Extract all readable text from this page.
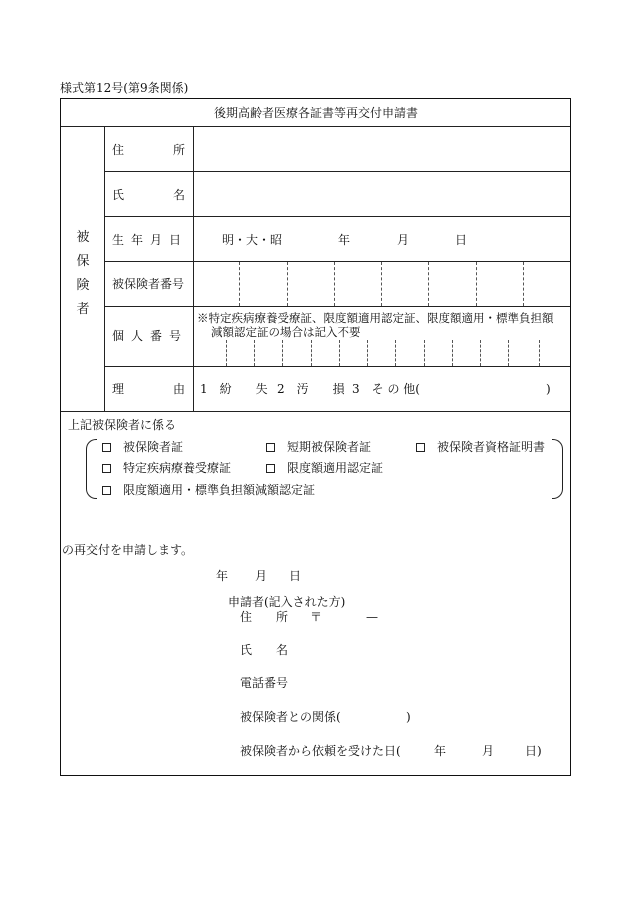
様式第12号(第9条関係)
後期高齢者医療各証書等再交付申請書
被
保
険
者
住　所
氏　名
生年月日	明・大・昭	年	月	日
被保険者番号
個人番号
※特定疾病療養受療証、限度額適用認定証、限度額適用・標準負担額
減額認定証の場合は記入不要
理　由 1　紛　　失 2　汚　　損 3　そ の 他(	)
上記被保険者に係る
　被保険者証
　	短期被保険者証
　	被保険者資格証明書
　特定疾病療養受療証
　	限度額適用認定証
　限度額適用・標準負担額減額認定証
の再交付を申請します。
年 月 日
申請者(記入された方)
住　　所 〒	—
氏　　名
電話番号
被保険者との関係(	)
被保険者から依頼を受けた日(	年	月	日)
